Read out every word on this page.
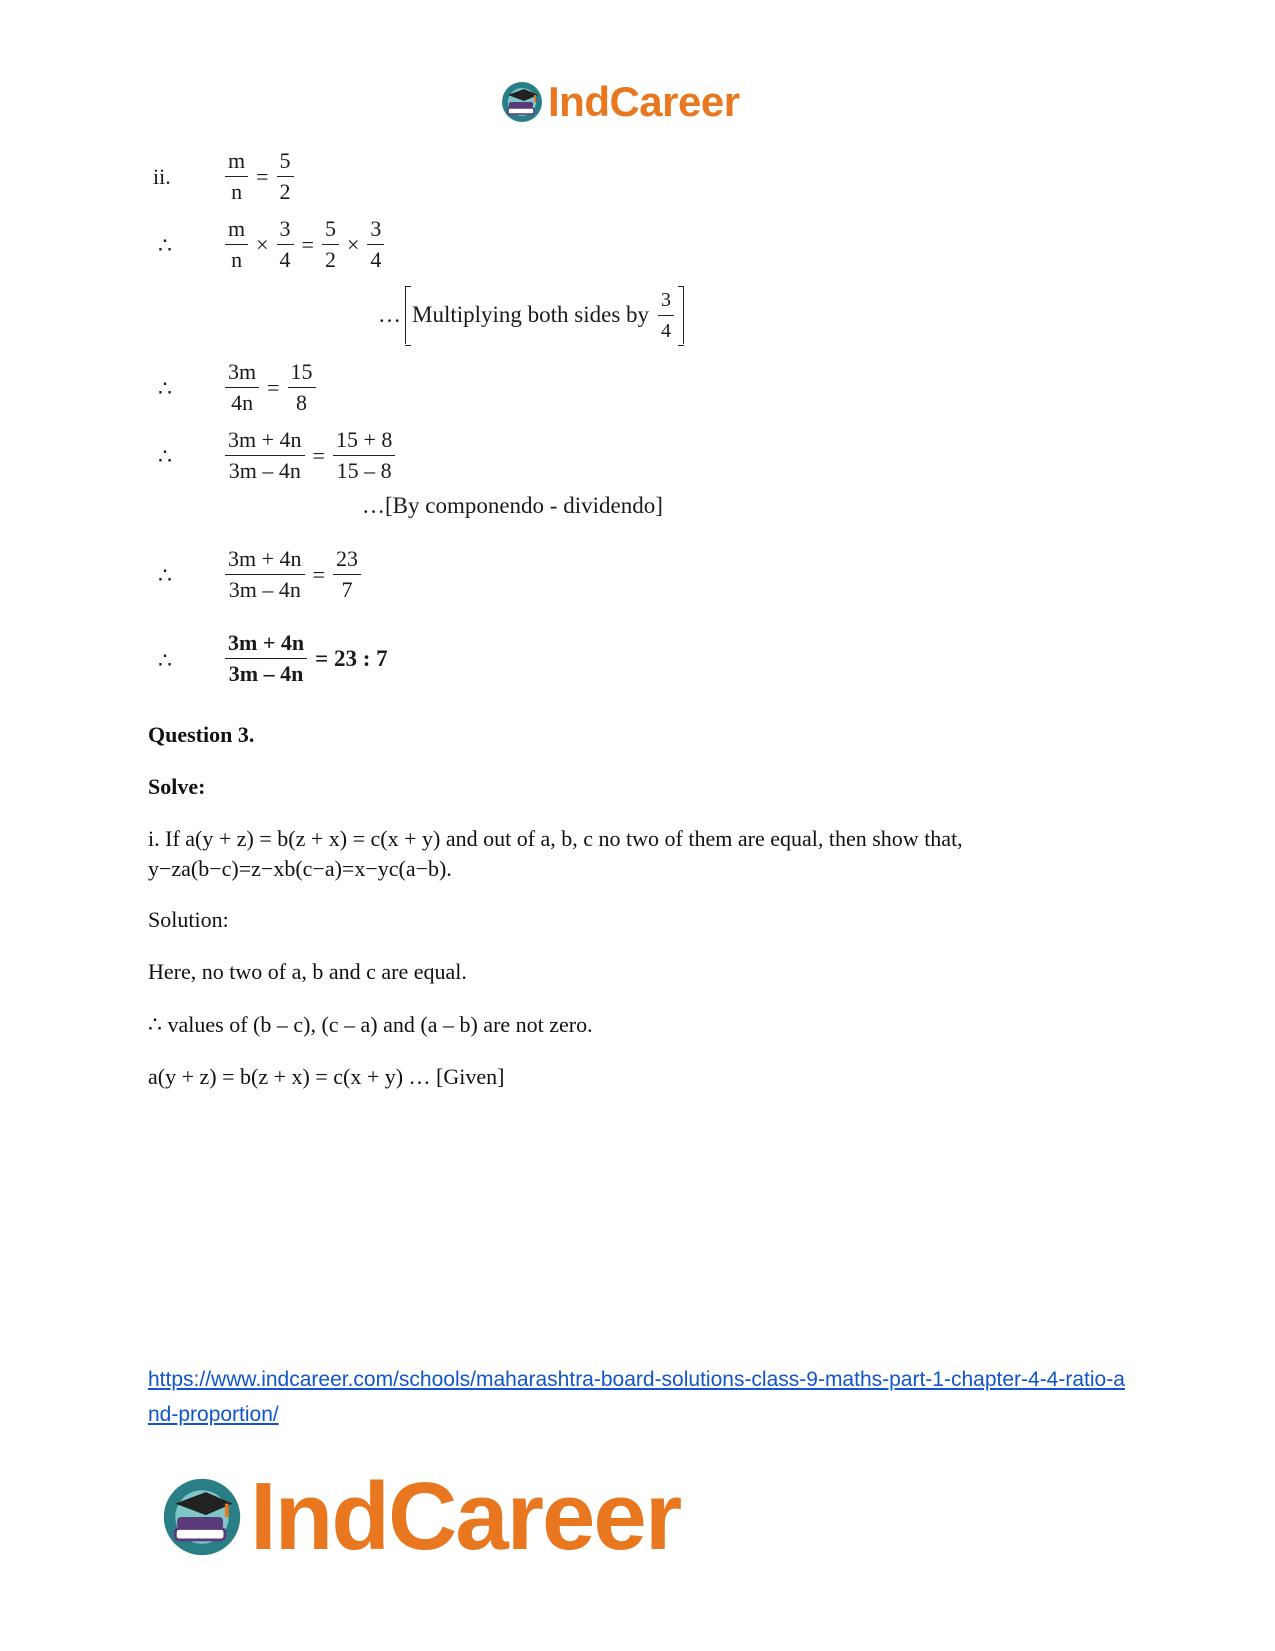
IndCareer
ii. $\frac{m}{n} = \frac{5}{2}$
∴ $\frac{m}{n} \times \frac{3}{4} = \frac{5}{2} \times \frac{3}{4}$
… Multiplying both sides by $\frac{3}{4}$
∴ $\frac{3m}{4n} = \frac{15}{8}$
∴ $\frac{3m + 4n}{3m - 4n} = \frac{15 + 8}{15 - 8}$
…[By componendo - dividendo]
∴ $\frac{3m + 4n}{3m - 4n} = \frac{23}{7}$
∴ $\frac{3m + 4n}{3m - 4n} = 23$ : 7
Question 3.
Solve:
i. If a(y + z) = b(z + x) = c(x + y) and out of a, b, c no two of them are equal, then show that,
y−za(b−c)=z−xb(c−a)=x−yc(a−b).
Solution:
Here, no two of a, b and c are equal.
∴ values of (b – c), (c – a) and (a – b) are not zero.
a(y + z) = b(z + x) = c(x + y) … [Given]
https://www.indcareer.com/schools/maharashtra-board-solutions-class-9-maths-part-1-chapter-4-4-ratio-and-proportion/
IndCareer
